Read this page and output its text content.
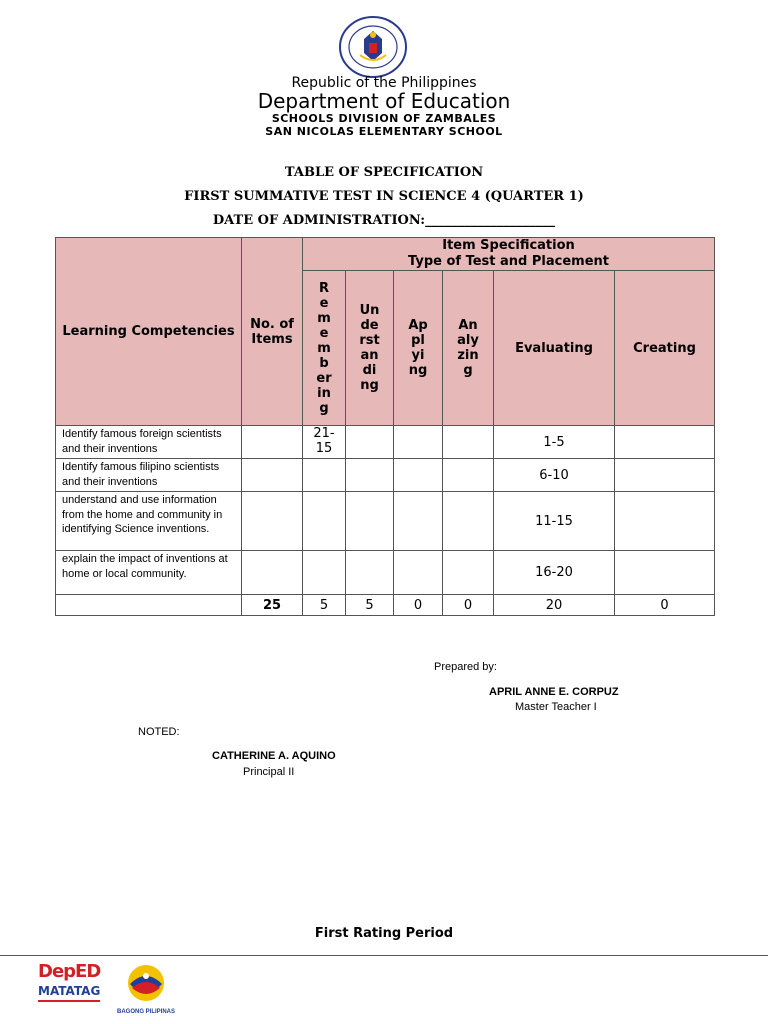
Republic of the Philippines
Department of Education
SCHOOLS DIVISION OF ZAMBALES
SAN NICOLAS ELEMENTARY SCHOOL
TABLE OF SPECIFICATION
FIRST SUMMATIVE TEST IN SCIENCE 4 (QUARTER 1)
DATE OF ADMINISTRATION:____________________
Learning Competencies	No. of Items	Item Specification
Type of Test and Placement					

		Remembering	Understanding	Applying	Analyzing	Evaluating	Creating

Identify famous foreign scientists and their inventions		21-15				1-5	
Identify famous filipino scientists and their inventions						6-10	
understand and use information from the home and community in identifying Science inventions.						11-15	
explain the impact of inventions at home or local community.						16-20	
	25	5	5	0	0	20	0
Prepared by:
APRIL ANNE E. CORPUZ
Master Teacher I
NOTED:
CATHERINE A. AQUINO
Principal II
First Rating Period
DepED
MATATAG
BAGONG PILIPINAS
